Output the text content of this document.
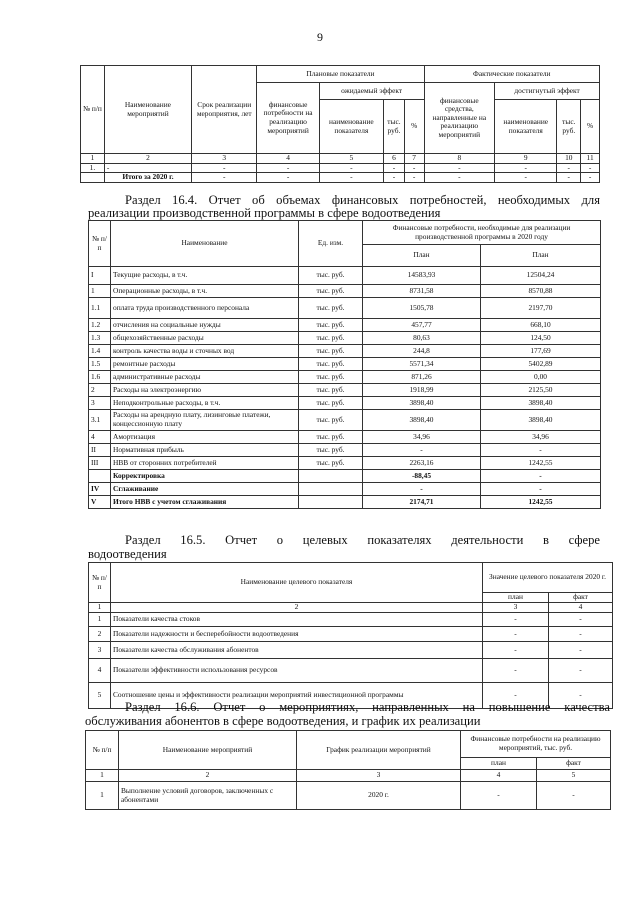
9
№ п/п	Наименование мероприятий	Срок реализации мероприятия, лет	Плановые показатели				Фактические показатели			
			финансовые потребности на реализацию мероприятий	ожидаемый эффект			финансовые средства, направленные на реализацию мероприятий	достигнутый эффект		
				наименование показателя	тыс. руб.	%		наименование показателя	тыс. руб.	%
1	2	3	4	5	6	7	8	9	10	11
1.	-	-	-	-	-	-	-	-	-	-
	Итого за 2020 г.	-	-	-	-	-	-	-	-	-
Раздел 16.4. Отчет об объемах финансовых потребностей, необходимых для
реализации производственной программы в сфере водоотведения
№ п/п	Наименование	Ед. изм.	Финансовые потребности, необходимые для реализации производственной программы в 2020 году	
			План	План
I	Текущие расходы, в т.ч.	тыс. руб.	14583,93	12504,24
1	Операционные расходы, в т.ч.	тыс. руб.	8731,58	8570,88
1.1	оплата труда производственного персонала	тыс. руб.	1505,78	2197,70
1.2	отчисления на социальные нужды	тыс. руб.	457,77	668,10
1.3	общехозяйственные расходы	тыс. руб.	80,63	124,50
1.4	контроль качества воды и сточных вод	тыс. руб.	244,8	177,69
1.5	ремонтные расходы	тыс. руб.	5571,34	5402,89
1.6	административные расходы	тыс. руб.	871,26	0,00
2	Расходы на электроэнергию	тыс. руб.	1918,99	2125,50
3	Неподконтрольные расходы, в т.ч.	тыс. руб.	3898,40	3898,40
3.1	Расходы на арендную плату, лизинговые платежи, концессионную плату	тыс. руб.	3898,40	3898,40
4	Амортизация	тыс. руб.	34,96	34,96
II	Нормативная прибыль	тыс. руб.	-	-
III	НВВ от сторонних потребителей	тыс. руб.	2263,16	1242,55
	Корректировка		-88,45	-
IV	Сглаживание		-	-
V	Итого НВВ с учетом сглаживания		2174,71	1242,55
Раздел 16.5. Отчет о целевых показателях деятельности в сфере
водоотведения
№ п/п	Наименование целевого показателя	Значение целевого показателя 2020 г.	
		план	факт
1	2	3	4
1	Показатели качества стоков	-	-
2	Показатели надежности и бесперебойности водоотведения	-	-
3	Показатели качества обслуживания абонентов	-	-
4	Показатели эффективности использования ресурсов	-	-
5	Соотношение цены и эффективности реализации мероприятий инвестиционной программы	-	-
Раздел 16.6. Отчет о мероприятиях, направленных на повышение качества
обслуживания абонентов в сфере водоотведения, и график их реализации
№ п/п	Наименование мероприятий	График реализации мероприятий	Финансовые потребности на реализацию мероприятий, тыс. руб.	
			план	факт
1	2	3	4	5
1	Выполнение условий договоров, заключенных с абонентами	2020 г.	-	-
